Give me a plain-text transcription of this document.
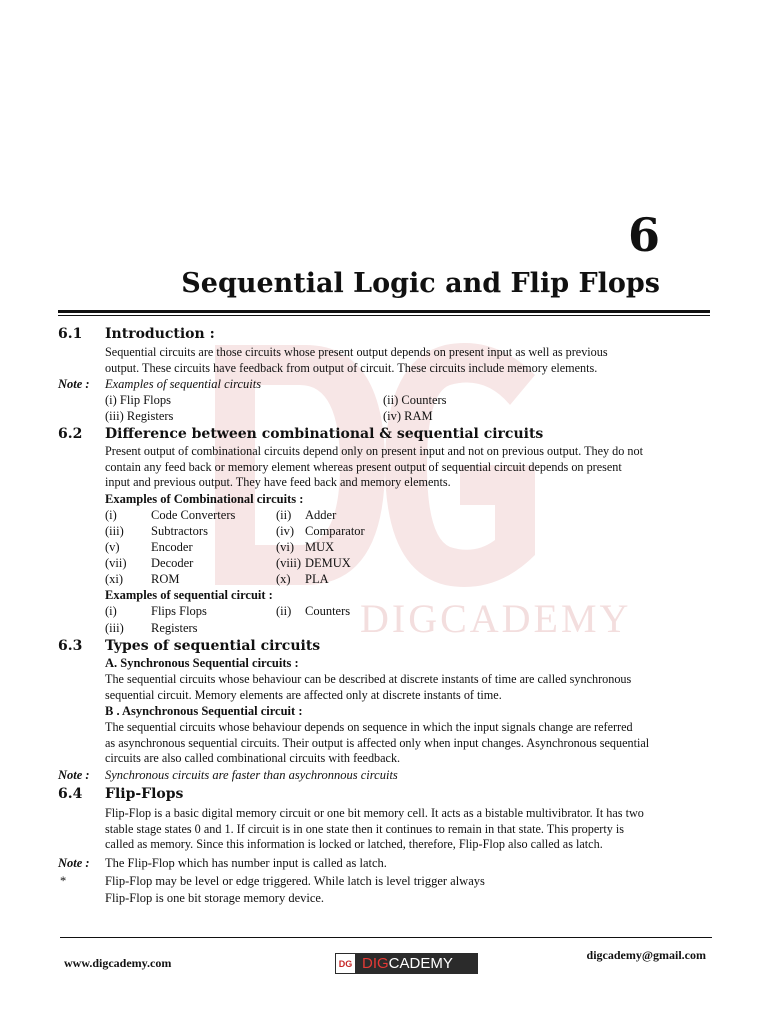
DIGCADEMY
6
Sequential Logic and Flip Flops
6.1 Introduction :
Sequential circuits are those circuits whose present output depends on present input as well as previous
output. These circuits have feedback from output of circuit. These circuits include memory elements.
Note : Examples of sequential circuits
(i) Flip Flops	(ii) Counters
(iii) Registers	(iv) RAM
6.2 Difference between combinational & sequential circuits
Present output of combinational circuits depend only on present input and not on previous output. They do not
contain any feed back or memory element whereas present output of sequential circuit depends on present
input and previous output. They have feed back and memory elements.
Examples of Combinational circuits :
(i)	Code Converters	(ii) Adder
(iii) Subtractors	(iv) Comparator
(v)	Encoder	(vi) MUX
(vii) Decoder	(viii) DEMUX
(xi) ROM	(x) PLA
Examples of sequential circuit :
(i)	Flips Flops	(ii) Counters
(iii) Registers
6.3 Types of sequential circuits
A. Synchronous Sequential circuits :
The sequential circuits whose behaviour can be described at discrete instants of time are called synchronous
sequential circuit. Memory elements are affected only at discrete instants of time.
B . Asynchronous Sequential circuit :
The sequential circuits whose behaviour depends on sequence in which the input signals change are referred
as asynchronous sequential circuits. Their output is affected only when input changes. Asynchronous sequential
circuits are also called combinational circuits with feedback.
Note : Synchronous circuits are faster than asychronnous circuits
6.4 Flip-Flops
Flip-Flop is a basic digital memory circuit or one bit memory cell. It acts as a bistable multivibrator. It has two
stable stage states 0 and 1. If circuit is in one state then it continues to remain in that state. This property is
called as memory. Since this information is locked or latched, therefore, Flip-Flop also called as latch.
Note : The Flip-Flop which has number input is called as latch.
*	Flip-Flop may be level or edge triggered. While latch is level trigger always
Flip-Flop is one bit storage memory device.
www.digcademy.com	DG DIG CADEMY	digcademy@gmail.com
